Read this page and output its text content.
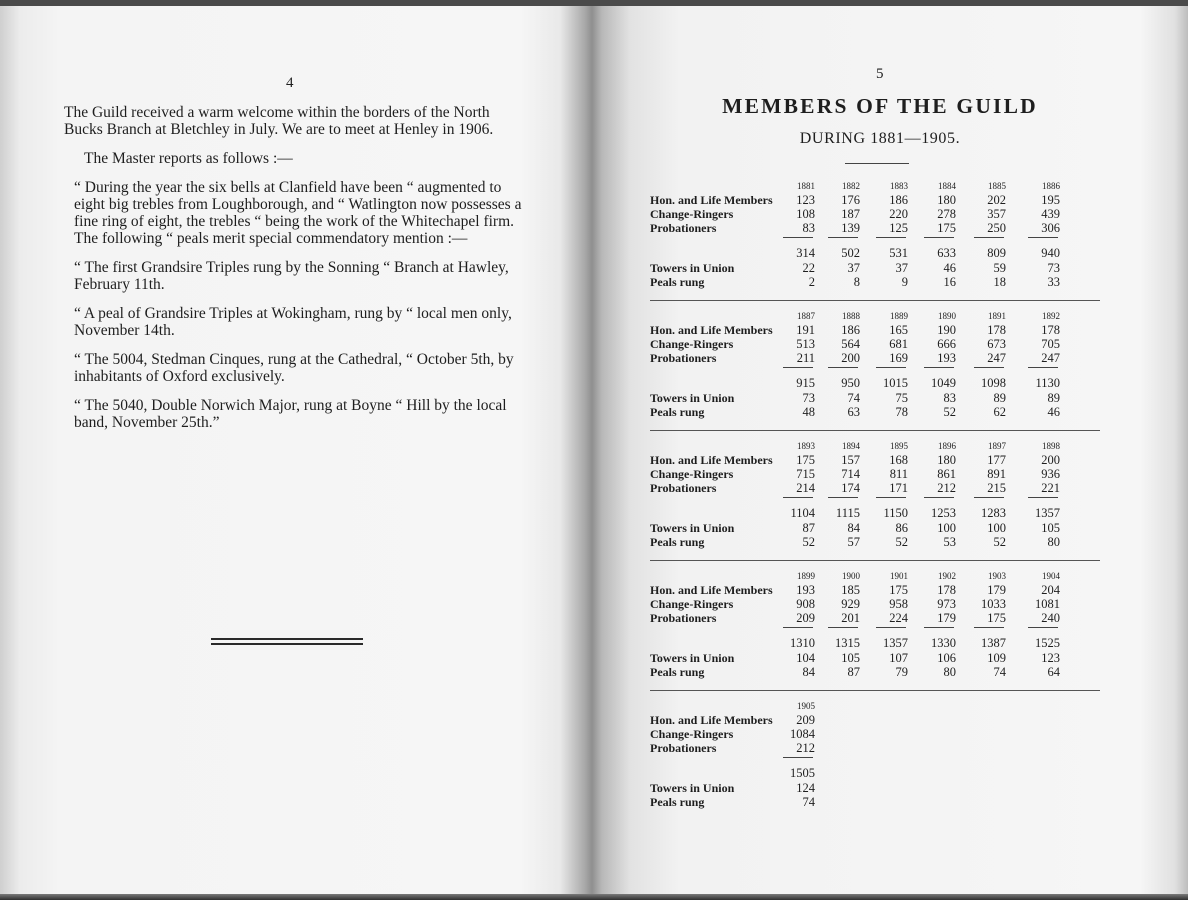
4

The Guild received a warm welcome within the borders of the North Bucks Branch at Bletchley in July. We are to meet at Henley in 1906.

The Master reports as follows :—

“ During the year the six bells at Clanfield have been “ augmented to eight big trebles from Loughborough, and “ Watlington now possesses a fine ring of eight, the trebles “ being the work of the Whitechapel firm. The following “ peals merit special commendatory mention :—

“ The first Grandsire Triples rung by the Sonning “ Branch at Hawley, February 11th.

“ A peal of Grandsire Triples at Wokingham, rung by “ local men only, November 14th.

“ The 5004, Stedman Cinques, rung at the Cathedral, “ October 5th, by inhabitants of Oxford exclusively.

“ The 5040, Double Norwich Major, rung at Boyne “ Hill by the local band, November 25th.”

5
MEMBERS OF THE GUILD
DURING 1881—1905.
1881	1882	1883	1884	1885	1886
Hon. and Life Members	123	176	186	180	202	195
Change-Ringers	108	187	220	278	357	439
Probationers	83	139	125	175	250	306
314	502	531	633	809	940
Towers in Union	22	37	37	46	59	73
Peals rung	2	8	9	16	18	33
1887	1888	1889	1890	1891	1892
Hon. and Life Members	191	186	165	190	178	178
Change-Ringers	513	564	681	666	673	705
Probationers	211	200	169	193	247	247
915	950	1015	1049	1098	1130
Towers in Union	73	74	75	83	89	89
Peals rung	48	63	78	52	62	46
1893	1894	1895	1896	1897	1898
Hon. and Life Members	175	157	168	180	177	200
Change-Ringers	715	714	811	861	891	936
Probationers	214	174	171	212	215	221
1104	1115	1150	1253	1283	1357
Towers in Union	87	84	86	100	100	105
Peals rung	52	57	52	53	52	80
1899	1900	1901	1902	1903	1904
Hon. and Life Members	193	185	175	178	179	204
Change-Ringers	908	929	958	973	1033	1081
Probationers	209	201	224	179	175	240
1310	1315	1357	1330	1387	1525
Towers in Union	104	105	107	106	109	123
Peals rung	84	87	79	80	74	64
1905
Hon. and Life Members	209
Change-Ringers	1084
Probationers	212
1505
Towers in Union	124
Peals rung	74
